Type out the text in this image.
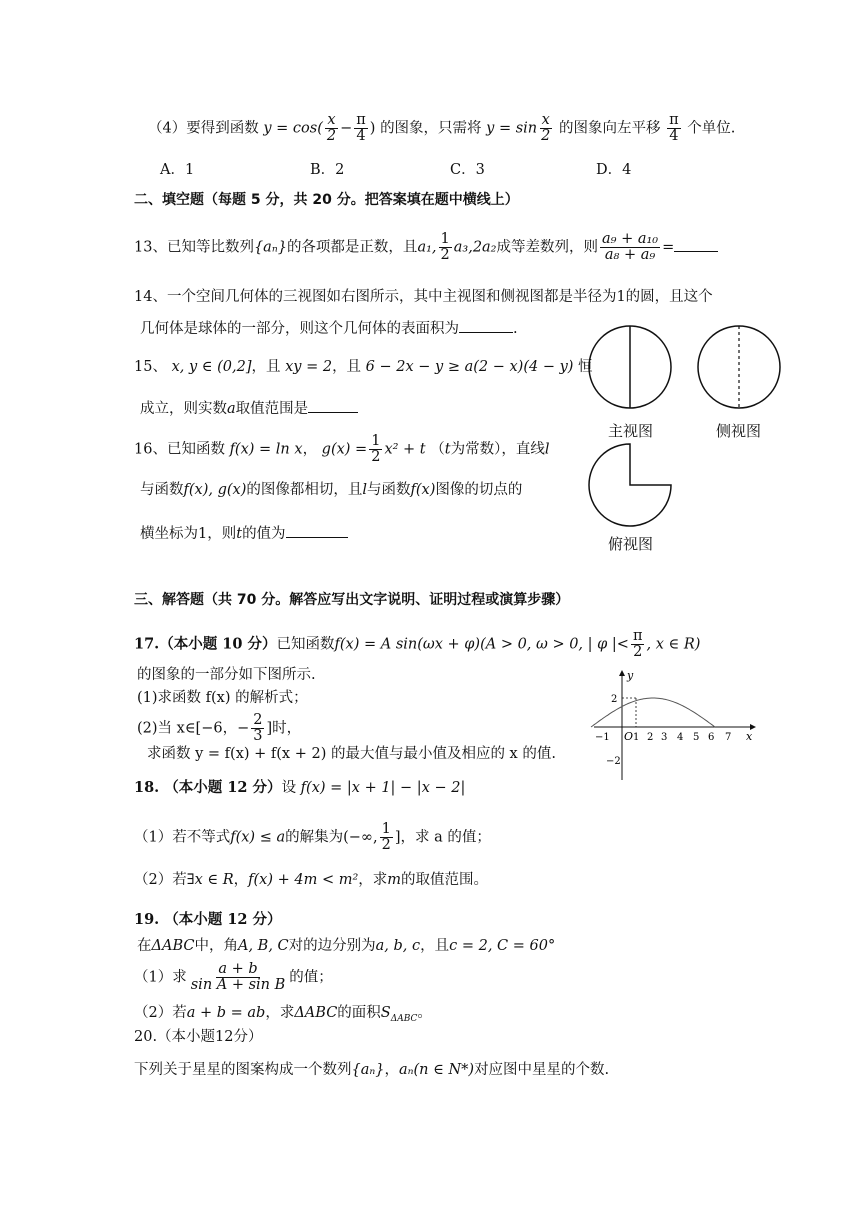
（4）要得到函数 $y = \cos( \frac{x}{2} - \frac{\pi}{4}$ ) 的图象，只需将 $y = \sin \frac{x}{2}$ 的图象向左平移 $\frac{\pi}{4}$ 个单位.
A．1	B．2	C．3	D．4
二、填空题（每题 5 分，共 20 分。把答案填在题中横线上）
13、已知等比数列{aₙ}的各项都是正数，且a₁, $\frac{1}{2} a_3,2a_2$成等差数列，则 $\frac{\text{a₉ + a₁₀}}{\text{a₈ + a₉}}$ =
14、一个空间几何体的三视图如右图所示，其中主视图和侧视图都是半径为1的圆，且这个
几何体是球体的一部分，则这个几何体的表面积为	.
15、 x, y ∈ (0,2]，且 xy = 2，且 6 − 2x − y ≥ a(2 − x)(4 − y) 恒
成立，则实数a取值范围是
16、已知函数 f(x) = ln x， $g(x) = \frac{1}{2} x^2 + t$ （t为常数），直线l
与函数f(x), g(x)的图像都相切，且l与函数f(x)图像的切点的
横坐标为1，则t的值为
主视图	侧视图
俯视图
三、解答题（共 70 分。解答应写出文字说明、证明过程或演算步骤）
17.（本小题 10 分）已知函数f(x) = A sin(ωx + φ)(A > 0, ω > 0, | φ |< $\frac{\pi}{2}$ , x ∈ R)
的图象的一部分如下图所示.
(1)求函数 f(x) 的解析式；
(2)当 x∈[−6，− $\frac{2}{3}$ ]时，
求函数 y = f(x) + f(x + 2) 的最大值与最小值及相应的 x 的值.
y
x
O
2
−2
−1 1 2 3 4 5 6 7
18. （本小题 12 分）设 f(x) = |x + 1| − |x − 2|
（1）若不等式f(x) ≤ a的解集为(−∞, $\frac{1}{2}$ ]，求 a 的值；
（2）若∃x ∈ R，f(x) + 4m < m²，求m的取值范围。
19. （本小题 12 分）
在ΔABC中，角A, B, C对的边分别为a, b, c，且c = 2, C = 60°
（1）求 $\frac{a + b}{\text{sin A + sin B}}$ 的值；
（2）若a + b = ab，求ΔABC的面积$S_{\Delta ABC}$。
20.（本小题12分）
下列关于星星的图案构成一个数列{aₙ}，aₙ(n ∈ N*)对应图中星星的个数.
